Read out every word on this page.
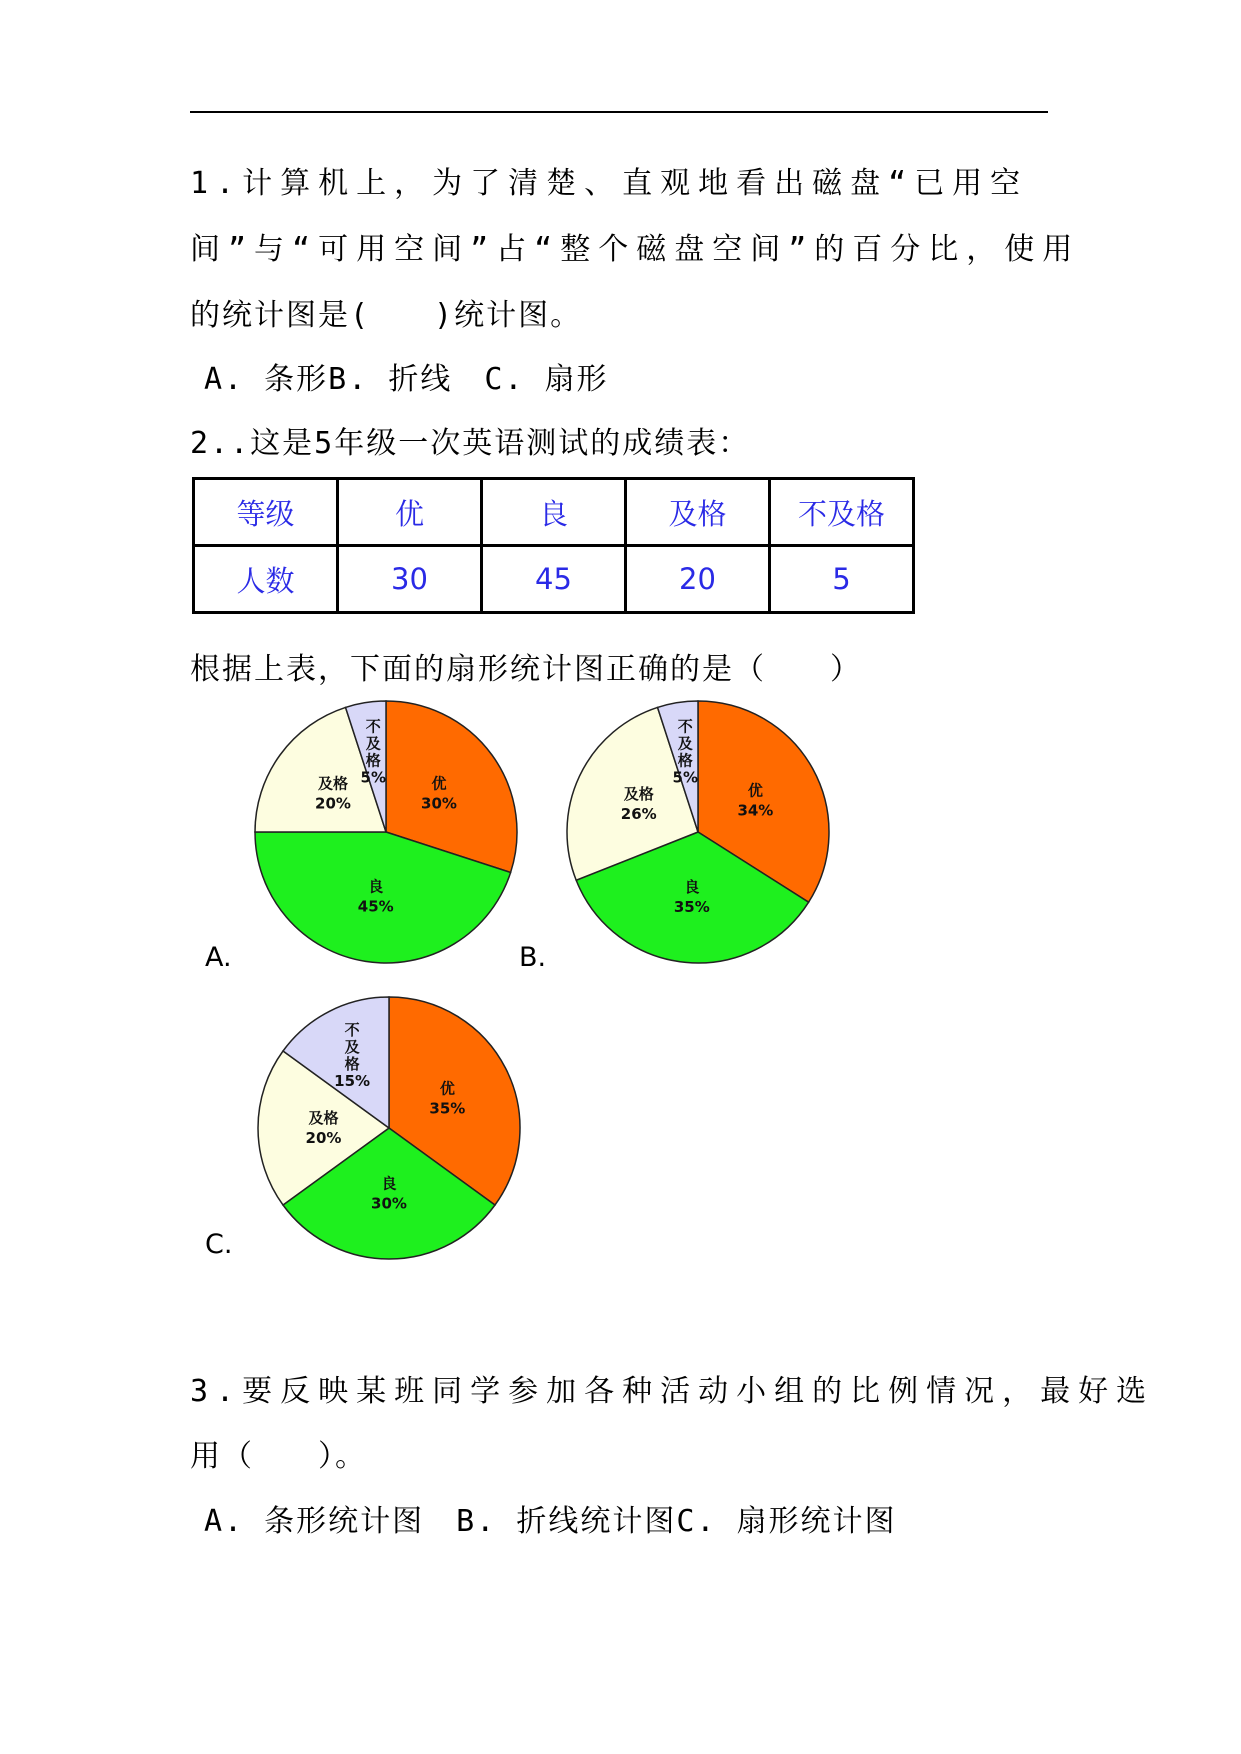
1.计算机上，为了清楚、直观地看出磁盘“已用空
间”与“可用空间”占“整个磁盘空间”的百分比，使用
的统计图是(　　)统计图。
A. 条形B. 折线　C. 扇形
2..这是5年级一次英语测试的成绩表：
等级	优	良	及格	不及格
人数	30	45	20	5
根据上表，下面的扇形统计图正确的是（　　）
优
30%
良
45%
及格
20%
不
及
格
5%
优
34%
良
35%
及格
26%
不
及
格
5%
优
35%
良
30%
及格
20%
不
及
格
15%
A.	B.
C.
3.要反映某班同学参加各种活动小组的比例情况，最好选
用（　　）。
A. 条形统计图　B. 折线统计图C. 扇形统计图
